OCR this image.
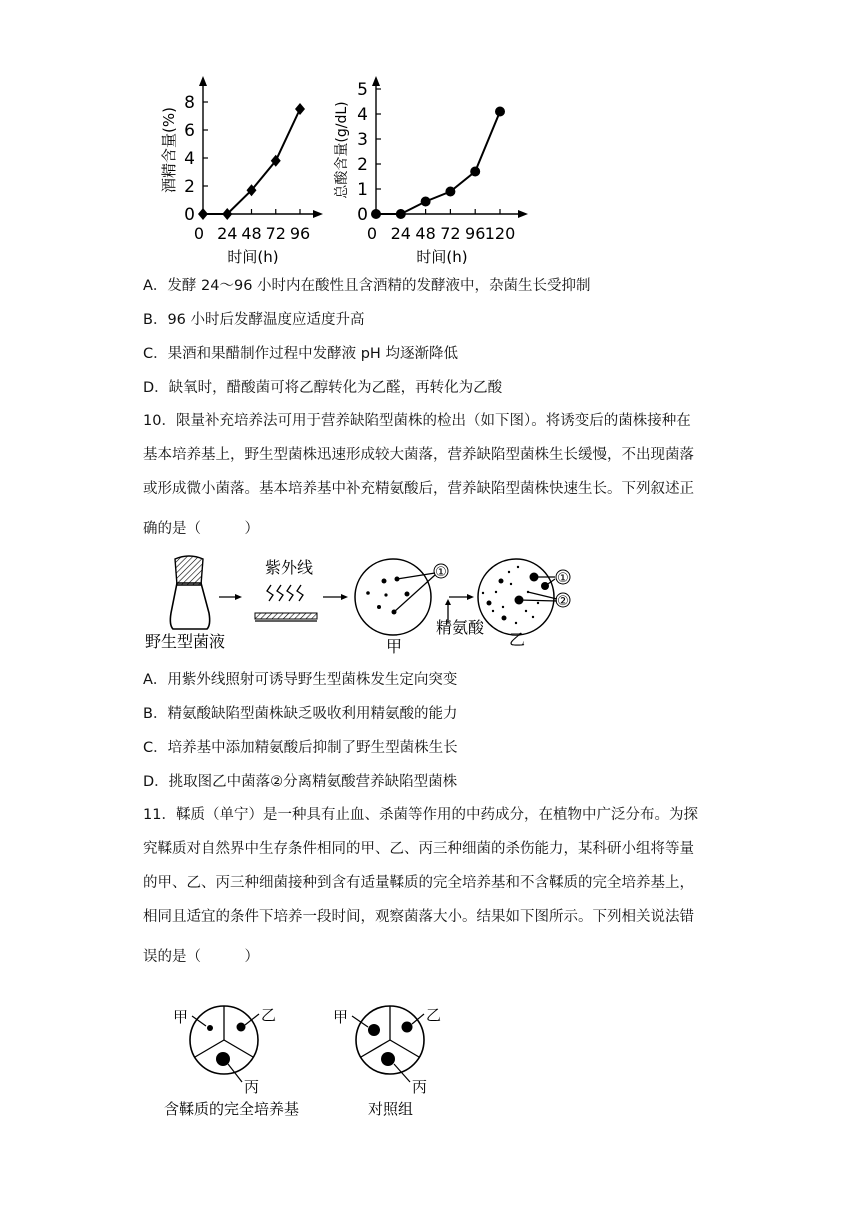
0
2
4
6
8
0 24 48 72 96
酒精含量(%)
时间(h)
0
1
2
3
4
5
0 24 48 72 96 120
总酸含量(g/dL)
时间(h)
A．发酵 24～96 小时内在酸性且含酒精的发酵液中，杂菌生长受抑制
B．96 小时后发酵温度应适度升高
C．果酒和果醋制作过程中发酵液 pH 均逐渐降低
D．缺氧时，醋酸菌可将乙醇转化为乙醛，再转化为乙酸

10．限量补充培养法可用于营养缺陷型菌株的检出（如下图）。将诱变后的菌株接种在

基本培养基上，野生型菌株迅速形成较大菌落，营养缺陷型菌株生长缓慢，不出现菌落

或形成微小菌落。基本培养基中补充精氨酸后，营养缺陷型菌株快速生长。下列叙述正

确的是（　　　）

野生型菌液
紫外线	①
甲
精氨酸
①
②
乙
A．用紫外线照射可诱导野生型菌株发生定向突变
B．精氨酸缺陷型菌株缺乏吸收利用精氨酸的能力
C．培养基中添加精氨酸后抑制了野生型菌株生长
D．挑取图乙中菌落②分离精氨酸营养缺陷型菌株

11．鞣质（单宁）是一种具有止血、杀菌等作用的中药成分，在植物中广泛分布。为探

究鞣质对自然界中生存条件相同的甲、乙、丙三种细菌的杀伤能力，某科研小组将等量

的甲、乙、丙三种细菌接种到含有适量鞣质的完全培养基和不含鞣质的完全培养基上，

相同且适宜的条件下培养一段时间，观察菌落大小。结果如下图所示。下列相关说法错

误的是（　　　）

甲	乙
丙
含鞣质的完全培养基
甲	乙
丙
对照组
